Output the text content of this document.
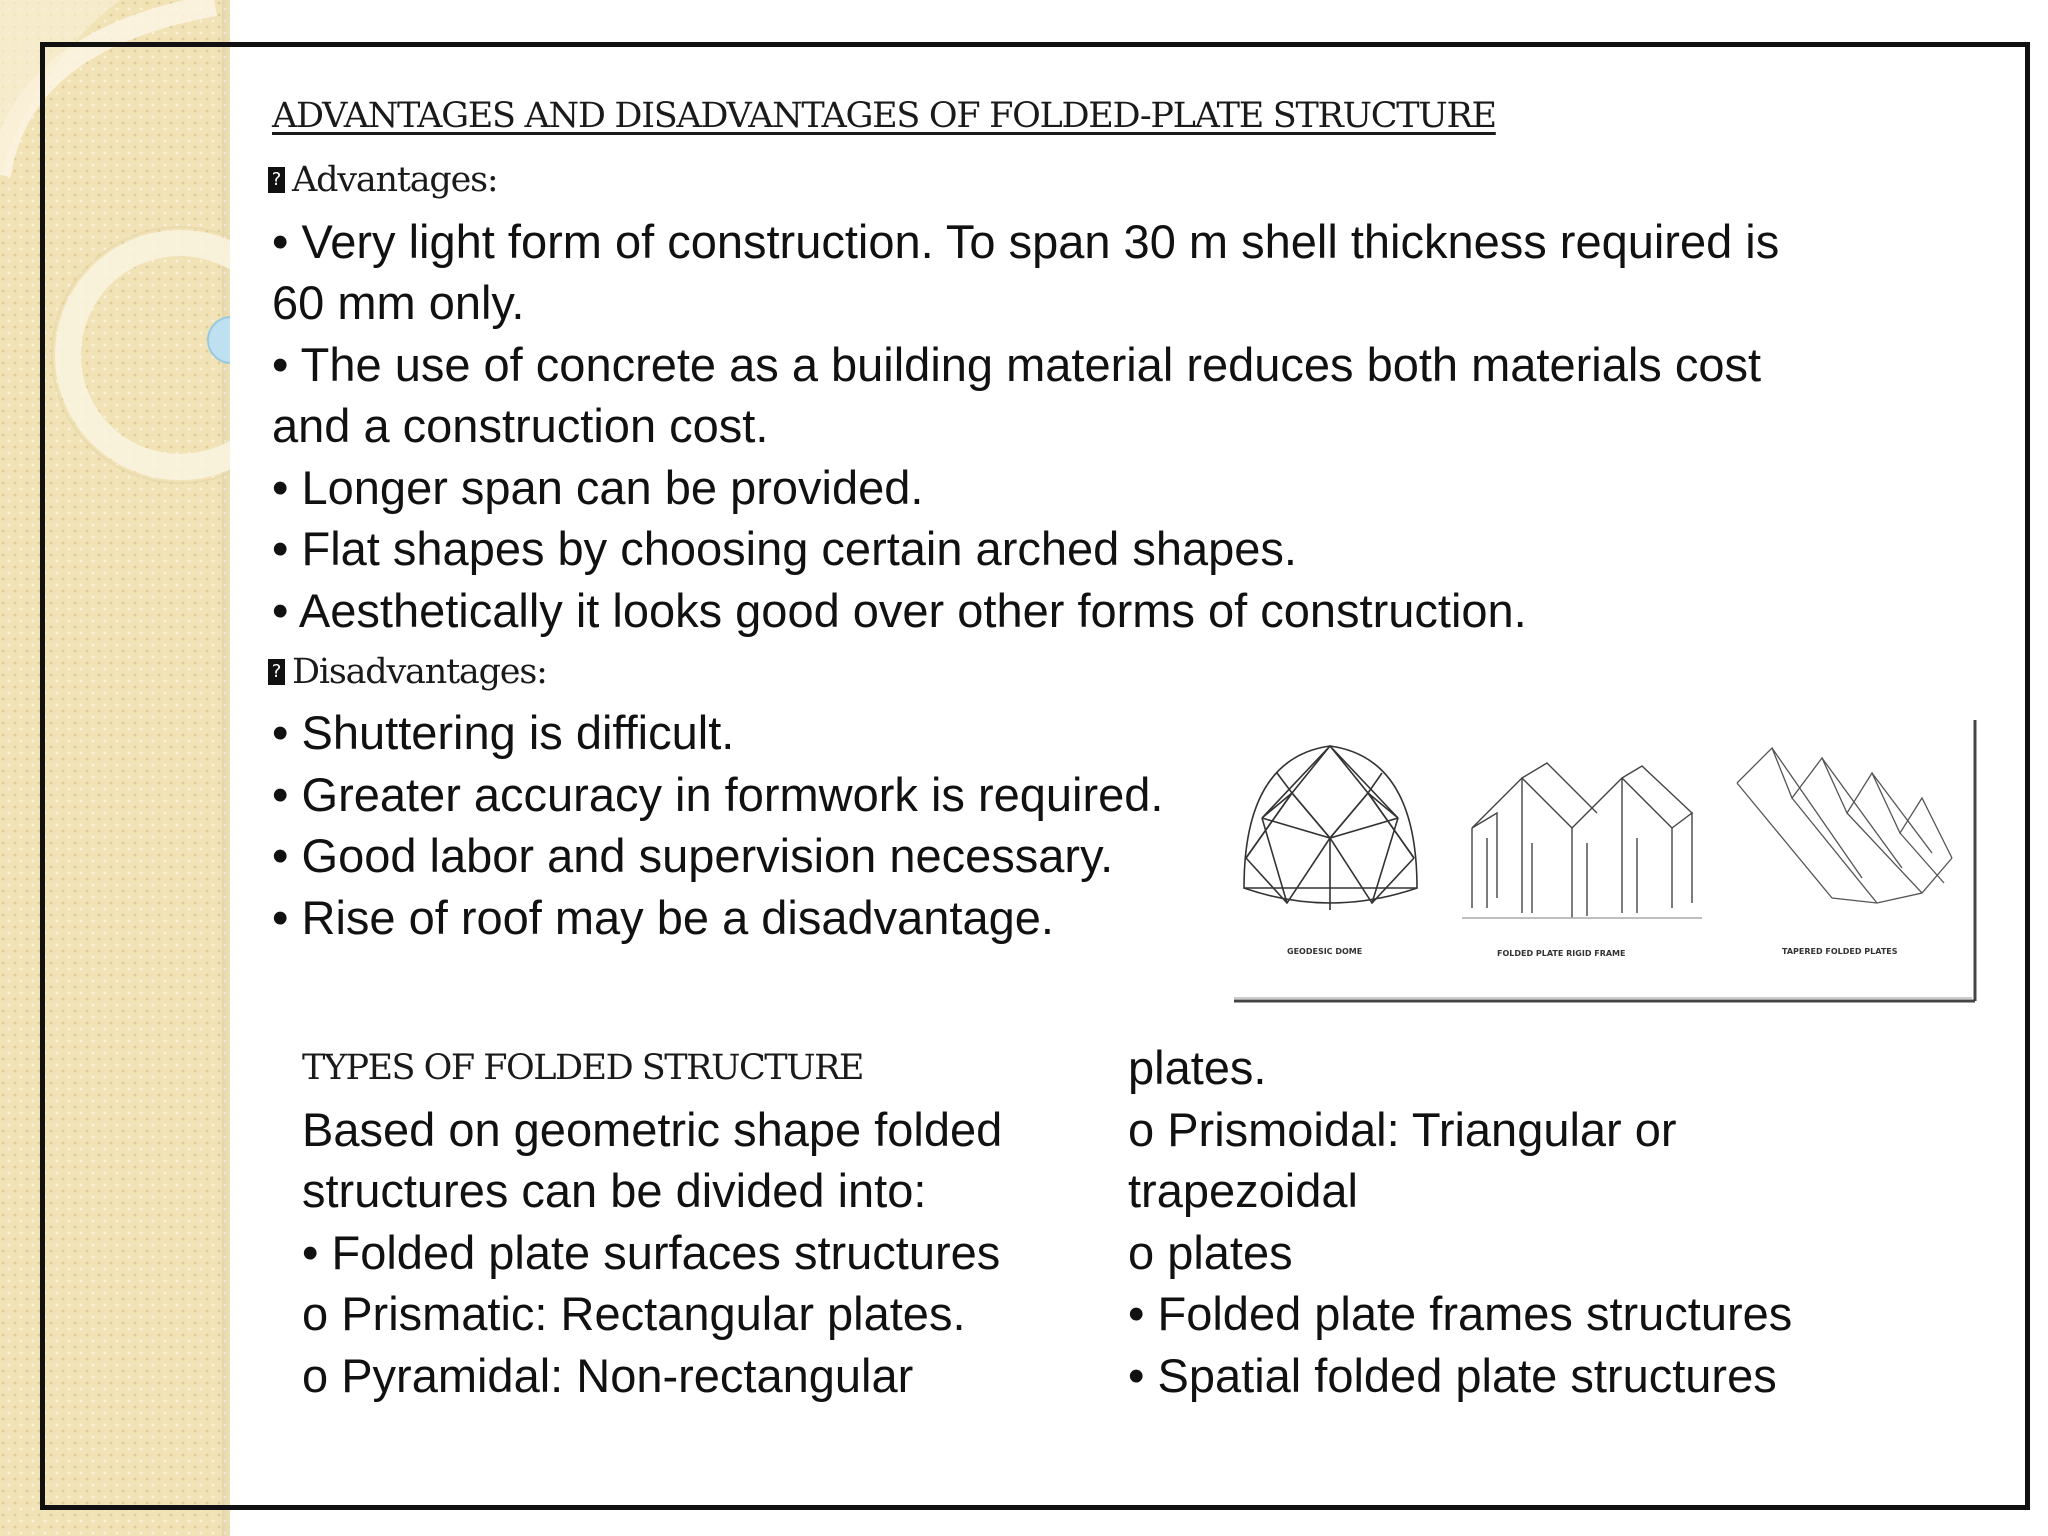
ADVANTAGES AND DISADVANTAGES OF FOLDED-PLATE STRUCTURE
? Advantages:
• Very light form of construction. To span 30 m shell thickness required is
60 mm only.
• The use of concrete as a building material reduces both materials cost
and a construction cost.
• Longer span can be provided.
• Flat shapes by choosing certain arched shapes.
• Aesthetically it looks good over other forms of construction.
? Disadvantages:
• Shuttering is difficult.
• Greater accuracy in formwork is required.
• Good labor and supervision necessary.
• Rise of roof may be a disadvantage.
GEODESIC DOME	FOLDED PLATE RIGID FRAME	TAPERED FOLDED PLATES
TYPES OF FOLDED STRUCTURE
Based on geometric shape folded
structures can be divided into:
• Folded plate surfaces structures
o Prismatic: Rectangular plates.
o Pyramidal: Non-rectangular
plates.
o Prismoidal: Triangular or
trapezoidal
o plates
• Folded plate frames structures
• Spatial folded plate structures
